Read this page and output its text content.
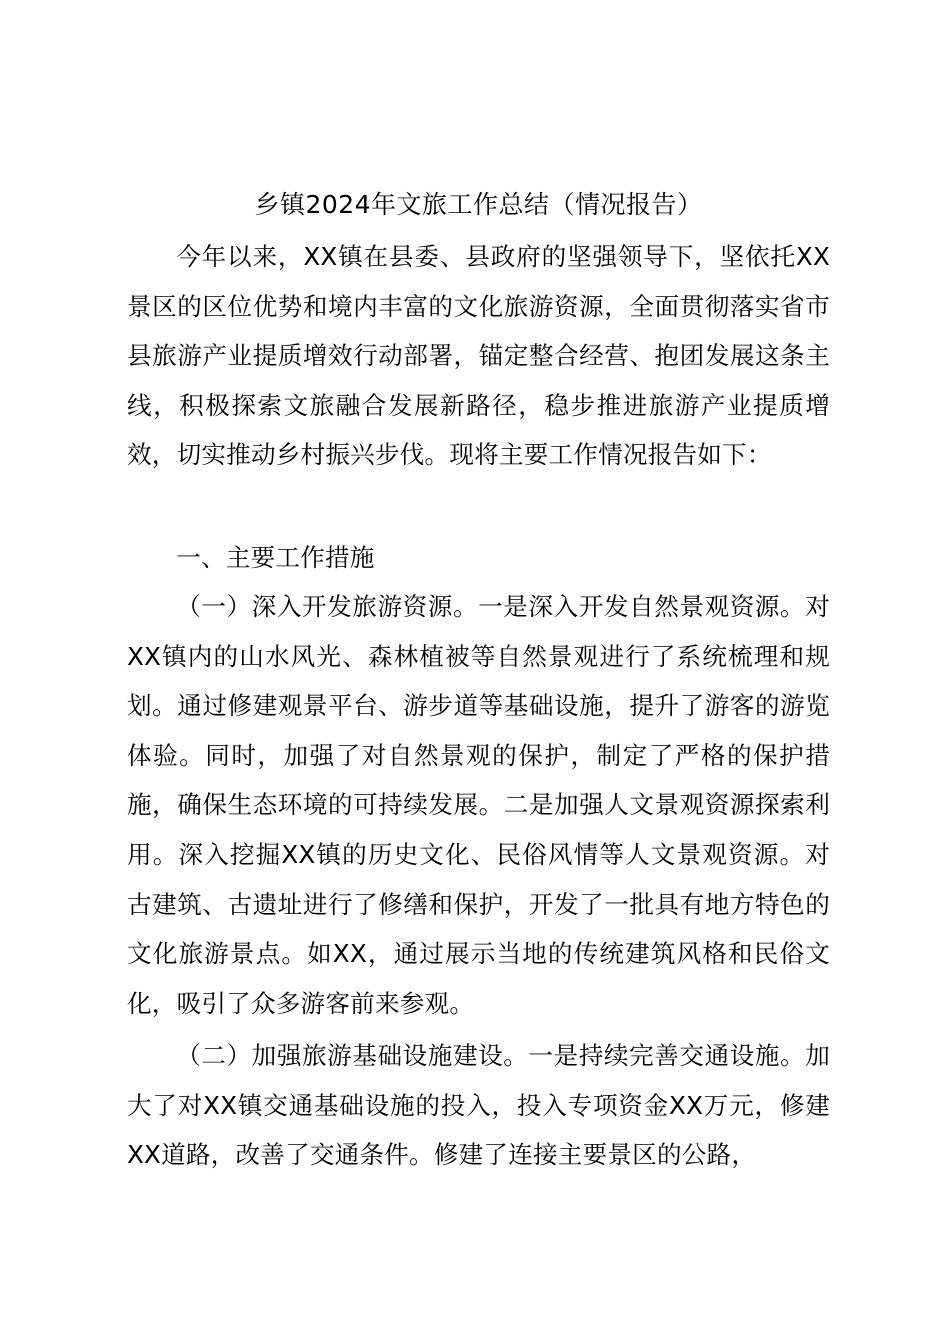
乡镇2024年文旅工作总结（情况报告）

今年以来，XX镇在县委、县政府的坚强领导下，坚依托XX景区的区位优势和境内丰富的文化旅游资源，全面贯彻落实省市县旅游产业提质增效行动部署，锚定整合经营、抱团发展这条主线，积极探索文旅融合发展新路径，稳步推进旅游产业提质增效，切实推动乡村振兴步伐。现将主要工作情况报告如下：

一、主要工作措施

（一）深入开发旅游资源。一是深入开发自然景观资源。对XX镇内的山水风光、森林植被等自然景观进行了系统梳理和规划。通过修建观景平台、游步道等基础设施，提升了游客的游览体验。同时，加强了对自然景观的保护，制定了严格的保护措施，确保生态环境的可持续发展。二是加强人文景观资源探索利用。深入挖掘XX镇的历史文化、民俗风情等人文景观资源。对古建筑、古遗址进行了修缮和保护，开发了一批具有地方特色的文化旅游景点。如XX，通过展示当地的传统建筑风格和民俗文化，吸引了众多游客前来参观。

（二）加强旅游基础设施建设。一是持续完善交通设施。加大了对XX镇交通基础设施的投入，投入专项资金XX万元，修建XX道路，改善了交通条件。修建了连接主要景区的公路，
